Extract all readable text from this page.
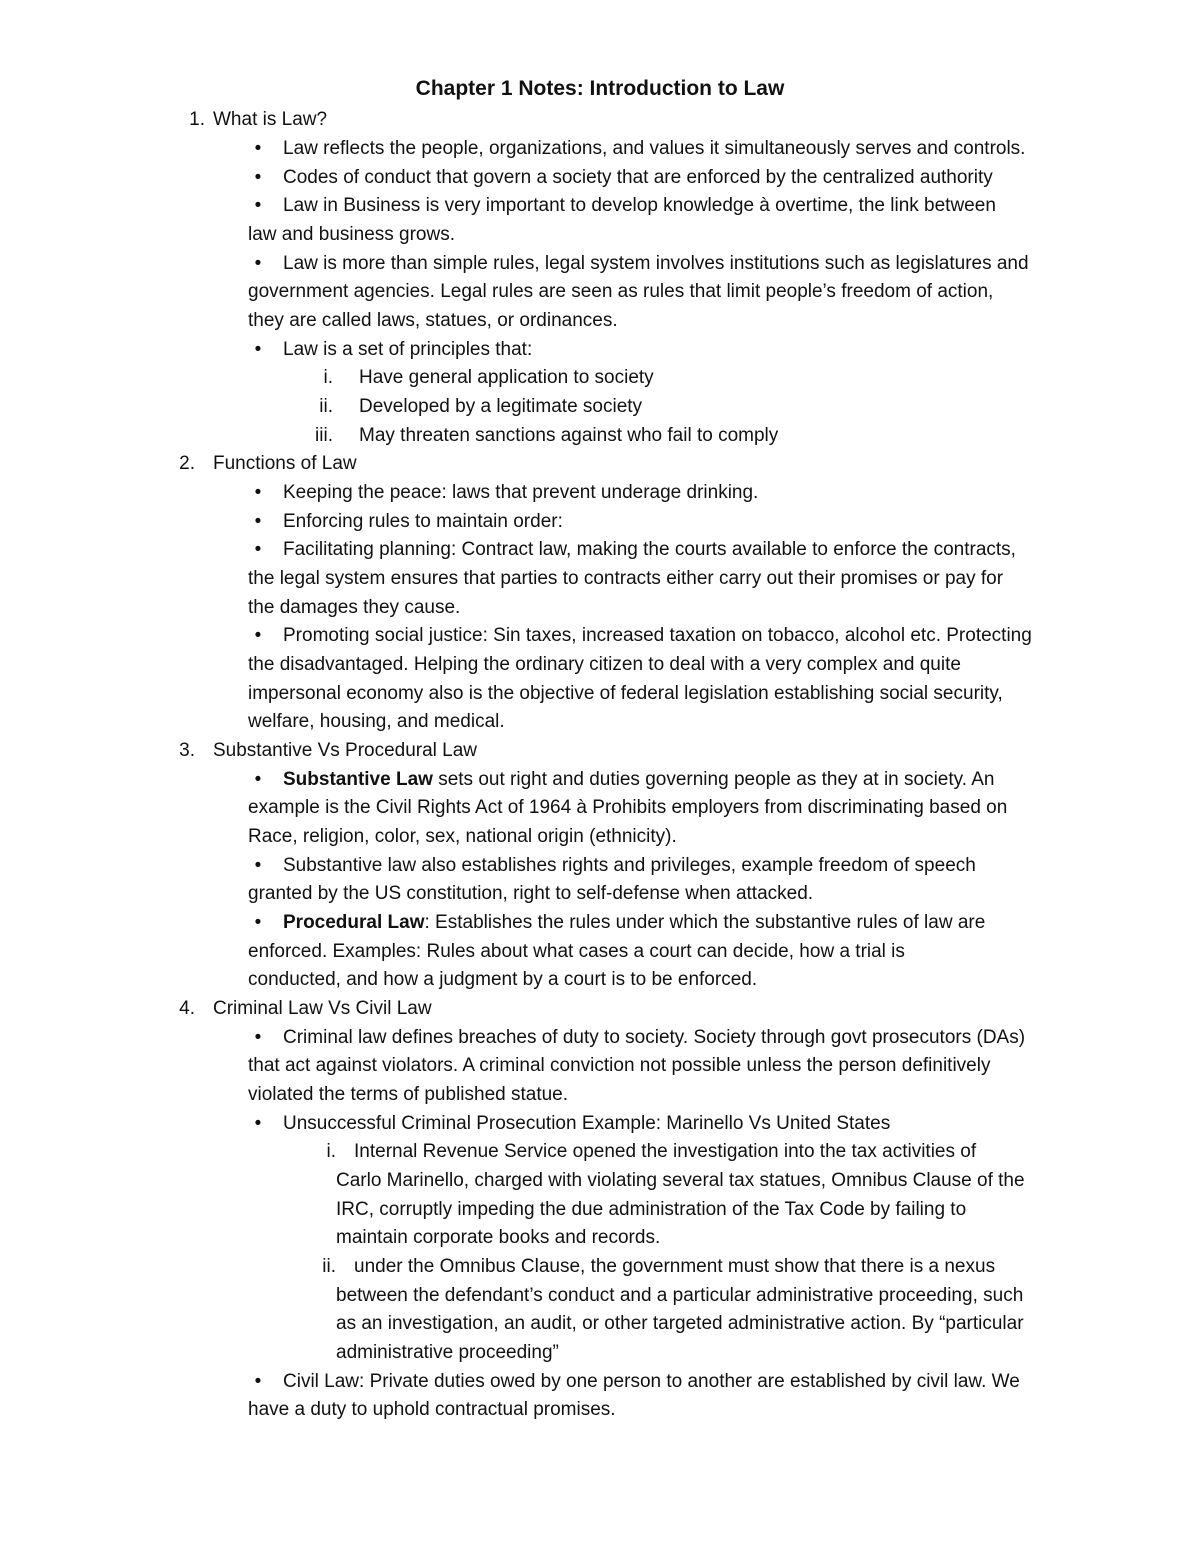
Chapter 1 Notes: Introduction to Law
1. What is Law?
•	Law reflects the people, organizations, and values it simultaneously serves and controls.
•	Codes of conduct that govern a society that are enforced by the centralized authority
•	Law in Business is very important to develop knowledge à overtime, the link between
law and business grows.
•	Law is more than simple rules, legal system involves institutions such as legislatures and
government agencies. Legal rules are seen as rules that limit people’s freedom of action,
they are called laws, statues, or ordinances.
•	Law is a set of principles that:
i. Have general application to society
ii. Developed by a legitimate society
iii. May threaten sanctions against who fail to comply
2. Functions of Law
•	Keeping the peace: laws that prevent underage drinking.
•	Enforcing rules to maintain order:
•	Facilitating planning: Contract law, making the courts available to enforce the contracts,
the legal system ensures that parties to contracts either carry out their promises or pay for
the damages they cause.
•	Promoting social justice: Sin taxes, increased taxation on tobacco, alcohol etc. Protecting
the disadvantaged. Helping the ordinary citizen to deal with a very complex and quite
impersonal economy also is the objective of federal legislation establishing social security,
welfare, housing, and medical.
3. Substantive Vs Procedural Law
•	Substantive Law sets out right and duties governing people as they at in society. An
example is the Civil Rights Act of 1964 à Prohibits employers from discriminating based on
Race, religion, color, sex, national origin (ethnicity).
•	Substantive law also establishes rights and privileges, example freedom of speech
granted by the US constitution, right to self-defense when attacked.
•	Procedural Law: Establishes the rules under which the substantive rules of law are
enforced. Examples: Rules about what cases a court can decide, how a trial is
conducted, and how a judgment by a court is to be enforced.
4. Criminal Law Vs Civil Law
•	Criminal law defines breaches of duty to society. Society through govt prosecutors (DAs)
that act against violators. A criminal conviction not possible unless the person definitively
violated the terms of published statue.
•	Unsuccessful Criminal Prosecution Example: Marinello Vs United States
i. Internal Revenue Service opened the investigation into the tax activities of
Carlo Marinello, charged with violating several tax statues, Omnibus Clause of the
IRC, corruptly impeding the due administration of the Tax Code by failing to
maintain corporate books and records.
ii. under the Omnibus Clause, the government must show that there is a nexus
between the defendant’s conduct and a particular administrative proceeding, such
as an investigation, an audit, or other targeted administrative action. By “particular
administrative proceeding”
•	Civil Law: Private duties owed by one person to another are established by civil law. We
have a duty to uphold contractual promises.
